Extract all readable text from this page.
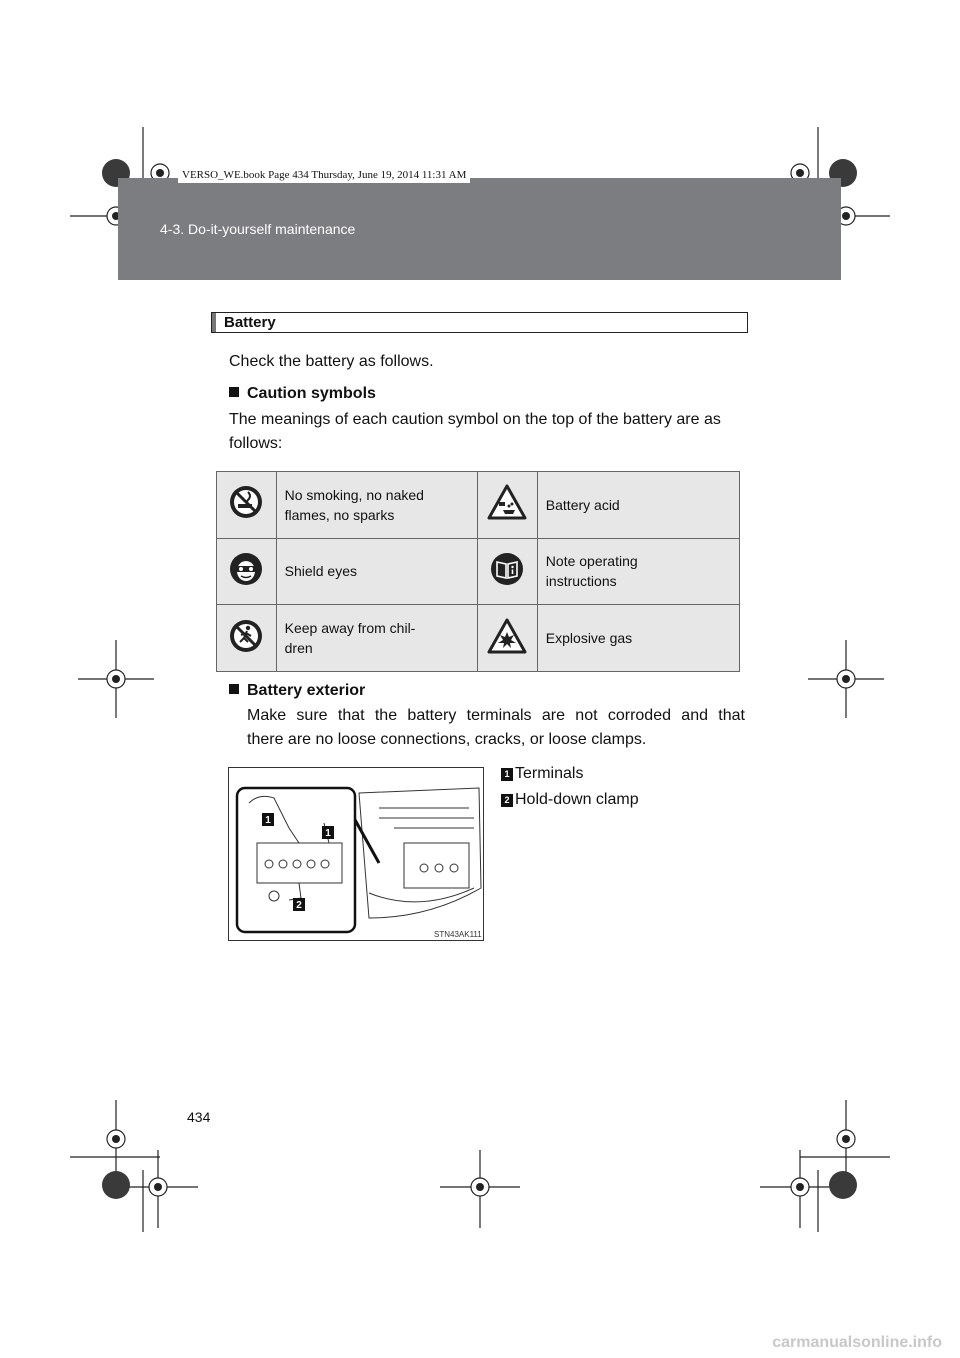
VERSO_WE.book Page 434 Thursday, June 19, 2014 11:31 AM
4-3. Do-it-yourself maintenance
Battery
Check the battery as follows.
Caution symbols
The meanings of each caution symbol on the top of the battery are as
follows:

No smoking, no naked
flames, no sparks		Battery acid

Shield eyes		Note operating
instructions

Keep away from chil-
dren		Explosive gas
Battery exterior
Make sure that the battery terminals are not corroded and that
there are no loose connections, cracks, or loose clamps.
1
1
2
STN43AK111
1 Terminals
2 Hold-down clamp
434
carmanualsonline.info
